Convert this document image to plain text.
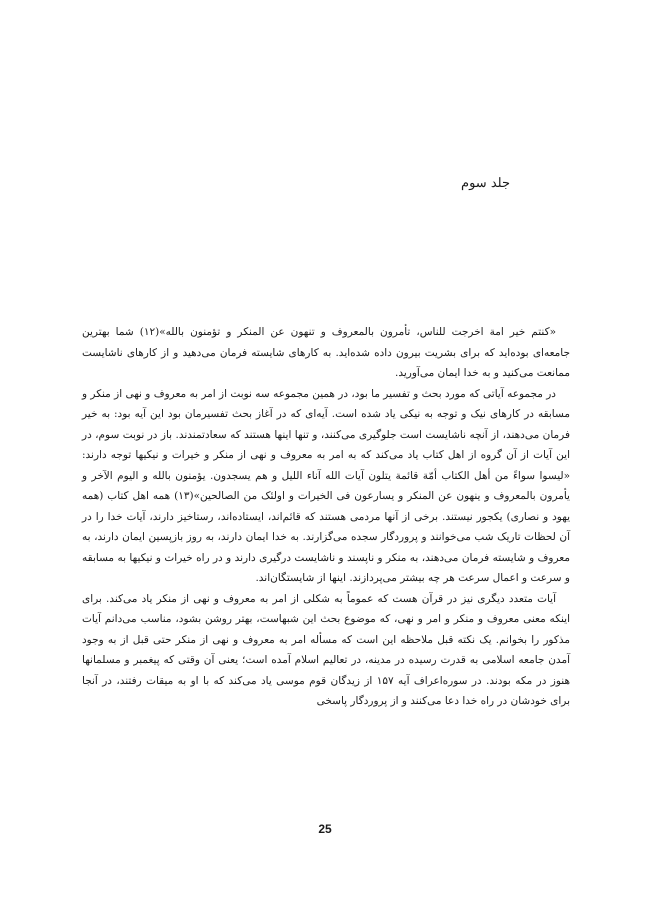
جلد سوم

«کنتم خیر امة اخرجت للناس، تأمرون بالمعروف و تنهون عن المنکر و تؤمنون بالله»(۱۲) شما بهترین جامعه‌ای بوده‌اید که برای بشریت بیرون داده شده‌اید. به کارهای شایسته فرمان می‌دهید و از کارهای ناشایست ممانعت می‌کنید و به خدا ایمان می‌آورید.

در مجموعه آیاتی که مورد بحث و تفسیر ما بود، در همین مجموعه سه نوبت از امر به معروف و نهی از منکر و مسابقه در کارهای نیک و توجه به نیکی یاد شده است. آیه‌ای که در آغاز بحث تفسیرمان بود این آیه بود: به خیر فرمان می‌دهند، از آنچه ناشایست است جلوگیری می‌کنند، و تنها اینها هستند که سعادتمندند. باز در نوبت سوم، در این آیات از آن گروه از اهل کتاب یاد می‌کند که به امر به معروف و نهی از منکر و خیرات و نیکیها توجه دارند: «لیسوا سواءً من أهل الکتاب أمّة قائمة یتلون آیات الله آناء اللیل و هم یسجدون. یؤمنون بالله و الیوم الآخر و یأمرون بالمعروف و ینهون عن المنکر و یسارعون فی الخیرات و اولئک من الصالحین»(۱۳) همه اهل کتاب (همه یهود و نصاری) یکجور نیستند. برخی از آنها مردمی هستند که قائم‌اند، ایستاده‌اند، رستاخیز دارند، آیات خدا را در آن لحظات تاریک شب می‌خوانند و پروردگار سجده می‌گزارند. به خدا ایمان دارند، به روز بازپسین ایمان دارند، به معروف و شایسته فرمان می‌دهند، به منکر و ناپسند و ناشایست درگیری دارند و در راه خیرات و نیکیها به مسابقه و سرعت و اعمال سرعت هر چه بیشتر می‌پردازند. اینها از شایستگان‌اند.

آیات متعدد دیگری نیز در قرآن هست که عموماً به شکلی از امر به معروف و نهی از منکر یاد می‌کند. برای اینکه معنی معروف و منکر و امر و نهی، که موضوع بحث این شبهاست، بهتر روشن بشود، مناسب می‌دانم آیات مذکور را بخوانم. یک نکته قبل ملاحظه این است که مسأله امر به معروف و نهی از منکر حتی قبل از به وجود آمدن جامعه اسلامی به قدرت رسیده در مدینه، در تعالیم اسلام آمده است؛ یعنی آن وقتی که پیغمبر و مسلمانها هنوز در مکه بودند. در سوره‌اعراف آیه ۱۵۷ از زیدگان قوم موسی یاد می‌کند که با او به میقات رفتند، در آنجا برای خودشان در راه خدا دعا می‌کنند و از پروردگار پاسخی

25
